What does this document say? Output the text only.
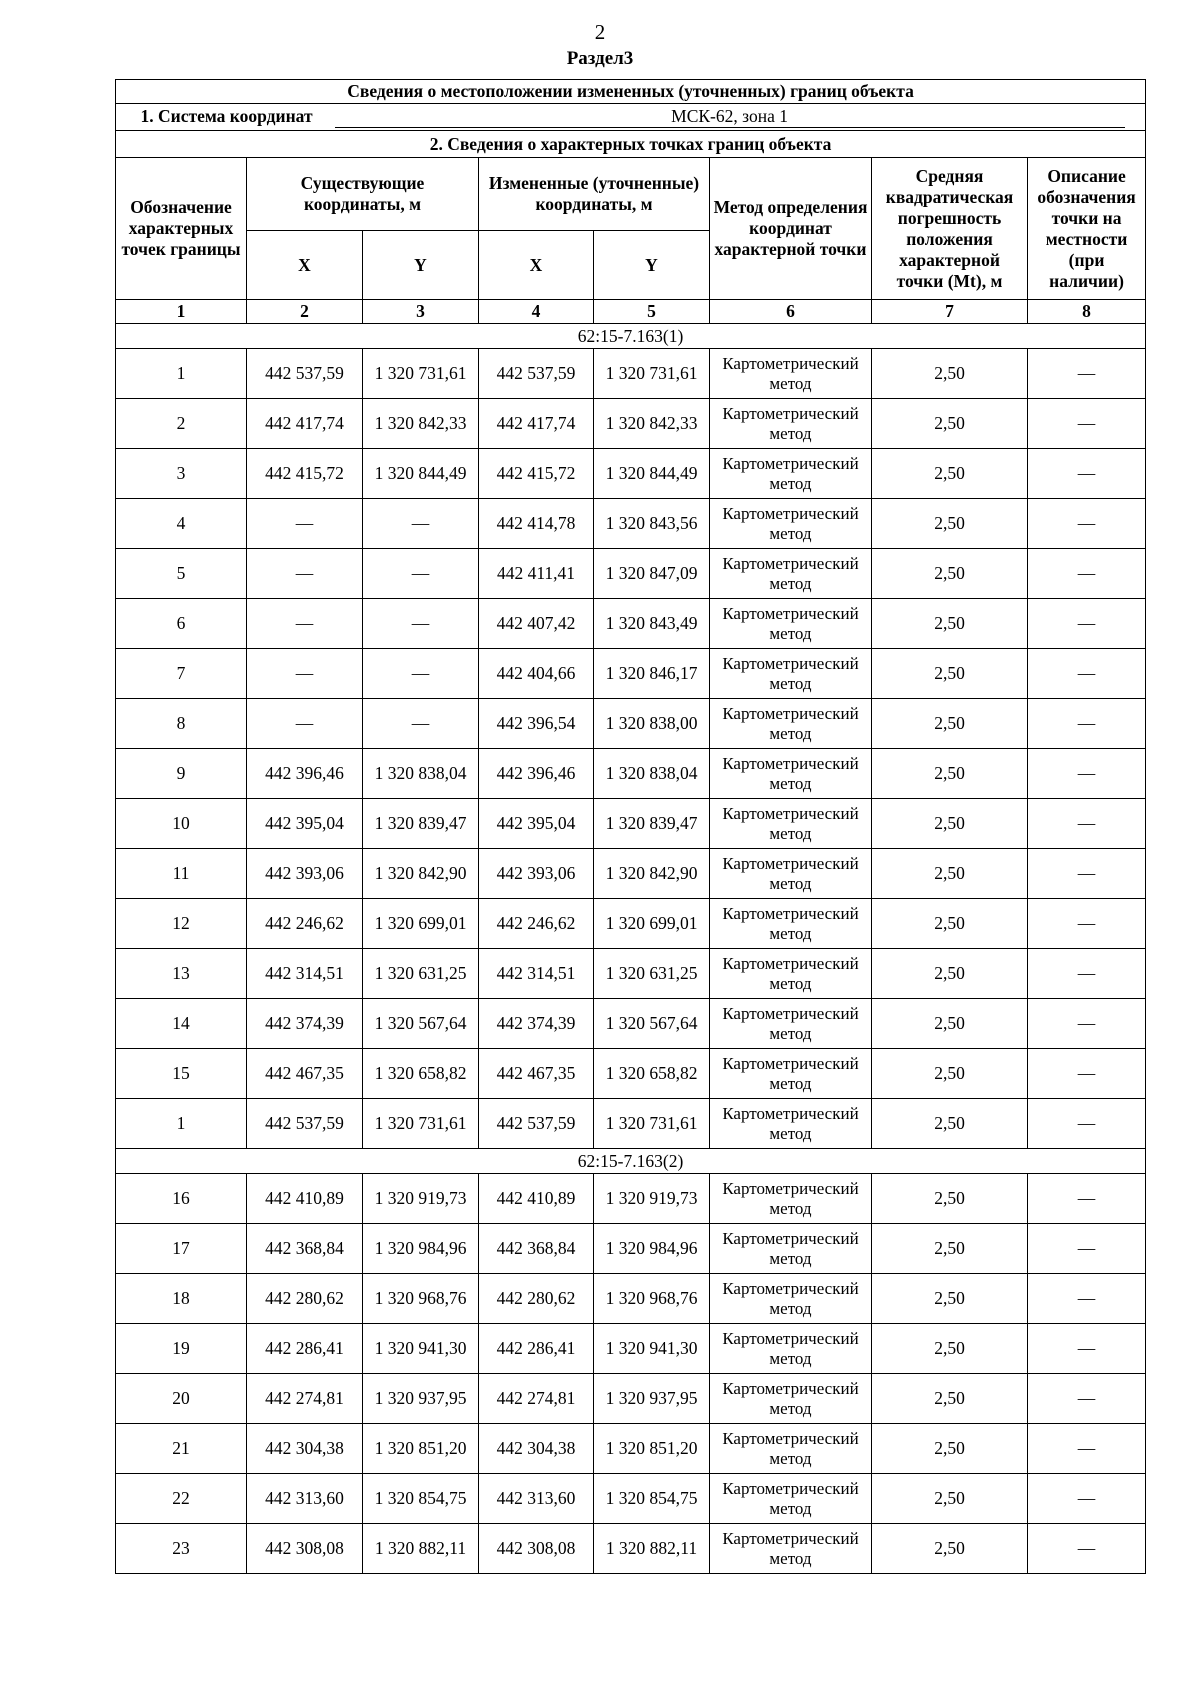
2
Раздел3
Сведения о местоположении измененных (уточненных) границ объекта							
1. Система координат МСК-62, зона 1							
2. Сведения о характерных точках границ объекта							
Обозначение характерных точек границы	Существующие координаты, м		Измененные (уточненные) координаты, м		Метод определения координат характерной точки	Средняя квадратическая погрешность положения характерной точки (Mt), м	Описание обозначения точки на местности (при наличии)
	X	Y	X	Y			
1	2	3	4	5	6	7	8
62:15-7.163(1)							
1	442 537,59	1 320 731,61	442 537,59	1 320 731,61	Картометрический метод	2,50	—
2	442 417,74	1 320 842,33	442 417,74	1 320 842,33	Картометрический метод	2,50	—
3	442 415,72	1 320 844,49	442 415,72	1 320 844,49	Картометрический метод	2,50	—
4	—	—	442 414,78	1 320 843,56	Картометрический метод	2,50	—
5	—	—	442 411,41	1 320 847,09	Картометрический метод	2,50	—
6	—	—	442 407,42	1 320 843,49	Картометрический метод	2,50	—
7	—	—	442 404,66	1 320 846,17	Картометрический метод	2,50	—
8	—	—	442 396,54	1 320 838,00	Картометрический метод	2,50	—
9	442 396,46	1 320 838,04	442 396,46	1 320 838,04	Картометрический метод	2,50	—
10	442 395,04	1 320 839,47	442 395,04	1 320 839,47	Картометрический метод	2,50	—
11	442 393,06	1 320 842,90	442 393,06	1 320 842,90	Картометрический метод	2,50	—
12	442 246,62	1 320 699,01	442 246,62	1 320 699,01	Картометрический метод	2,50	—
13	442 314,51	1 320 631,25	442 314,51	1 320 631,25	Картометрический метод	2,50	—
14	442 374,39	1 320 567,64	442 374,39	1 320 567,64	Картометрический метод	2,50	—
15	442 467,35	1 320 658,82	442 467,35	1 320 658,82	Картометрический метод	2,50	—
1	442 537,59	1 320 731,61	442 537,59	1 320 731,61	Картометрический метод	2,50	—
62:15-7.163(2)							
16	442 410,89	1 320 919,73	442 410,89	1 320 919,73	Картометрический метод	2,50	—
17	442 368,84	1 320 984,96	442 368,84	1 320 984,96	Картометрический метод	2,50	—
18	442 280,62	1 320 968,76	442 280,62	1 320 968,76	Картометрический метод	2,50	—
19	442 286,41	1 320 941,30	442 286,41	1 320 941,30	Картометрический метод	2,50	—
20	442 274,81	1 320 937,95	442 274,81	1 320 937,95	Картометрический метод	2,50	—
21	442 304,38	1 320 851,20	442 304,38	1 320 851,20	Картометрический метод	2,50	—
22	442 313,60	1 320 854,75	442 313,60	1 320 854,75	Картометрический метод	2,50	—
23	442 308,08	1 320 882,11	442 308,08	1 320 882,11	Картометрический метод	2,50	—
